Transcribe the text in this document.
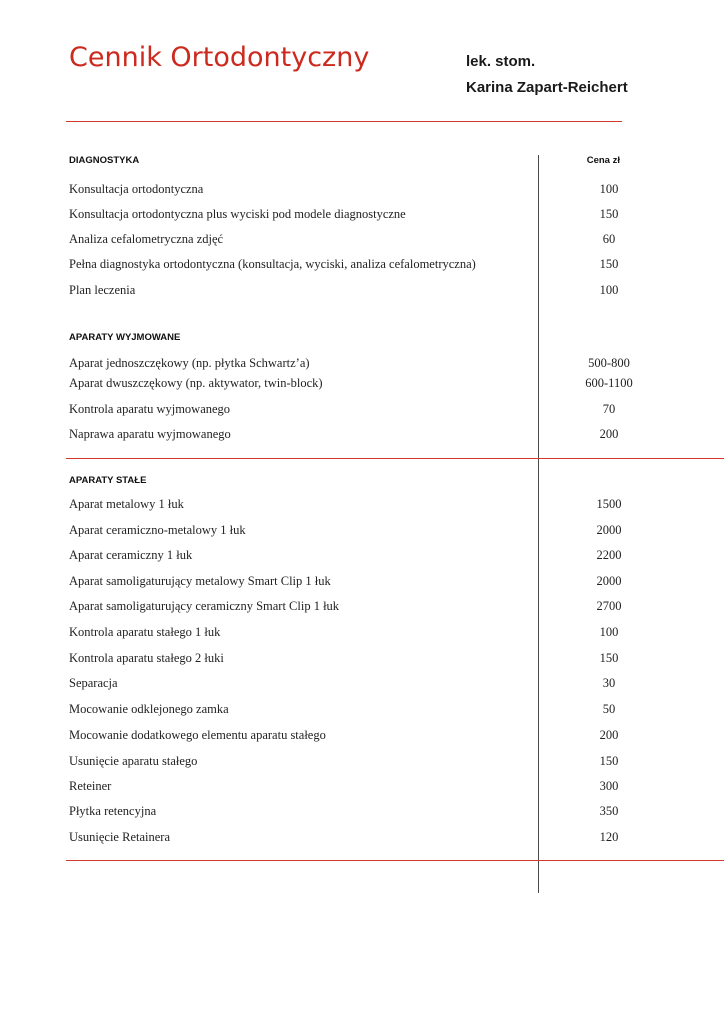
Cennik Ortodontyczny	lek. stom.
Karina Zapart-Reichert
Cena zł
DIAGNOSTYKA
Konsultacja ortodontyczna	100
Konsultacja ortodontyczna plus wyciski pod modele diagnostyczne	150
Analiza cefalometryczna zdjęć	60
Pełna diagnostyka ortodontyczna (konsultacja, wyciski, analiza cefalometryczna)	150
Plan leczenia	100
APARATY WYJMOWANE
Aparat jednoszczękowy (np. płytka Schwartz’a)	500-800
Aparat dwuszczękowy (np. aktywator, twin-block)	600-1100
Kontrola aparatu wyjmowanego	70
Naprawa aparatu wyjmowanego	200
APARATY STAŁE
Aparat metalowy 1 łuk	1500
Aparat ceramiczno-metalowy 1 łuk	2000
Aparat ceramiczny 1 łuk	2200
Aparat samoligaturujący metalowy Smart Clip 1 łuk	2000
Aparat samoligaturujący ceramiczny Smart Clip 1 łuk	2700
Kontrola aparatu stałego 1 łuk	100
Kontrola aparatu stałego 2 łuki	150
Separacja	30
Mocowanie odklejonego zamka	50
Mocowanie dodatkowego elementu aparatu stałego	200
Usunięcie aparatu stałego	150
Reteiner	300
Płytka retencyjna	350
Usunięcie Retainera	120
